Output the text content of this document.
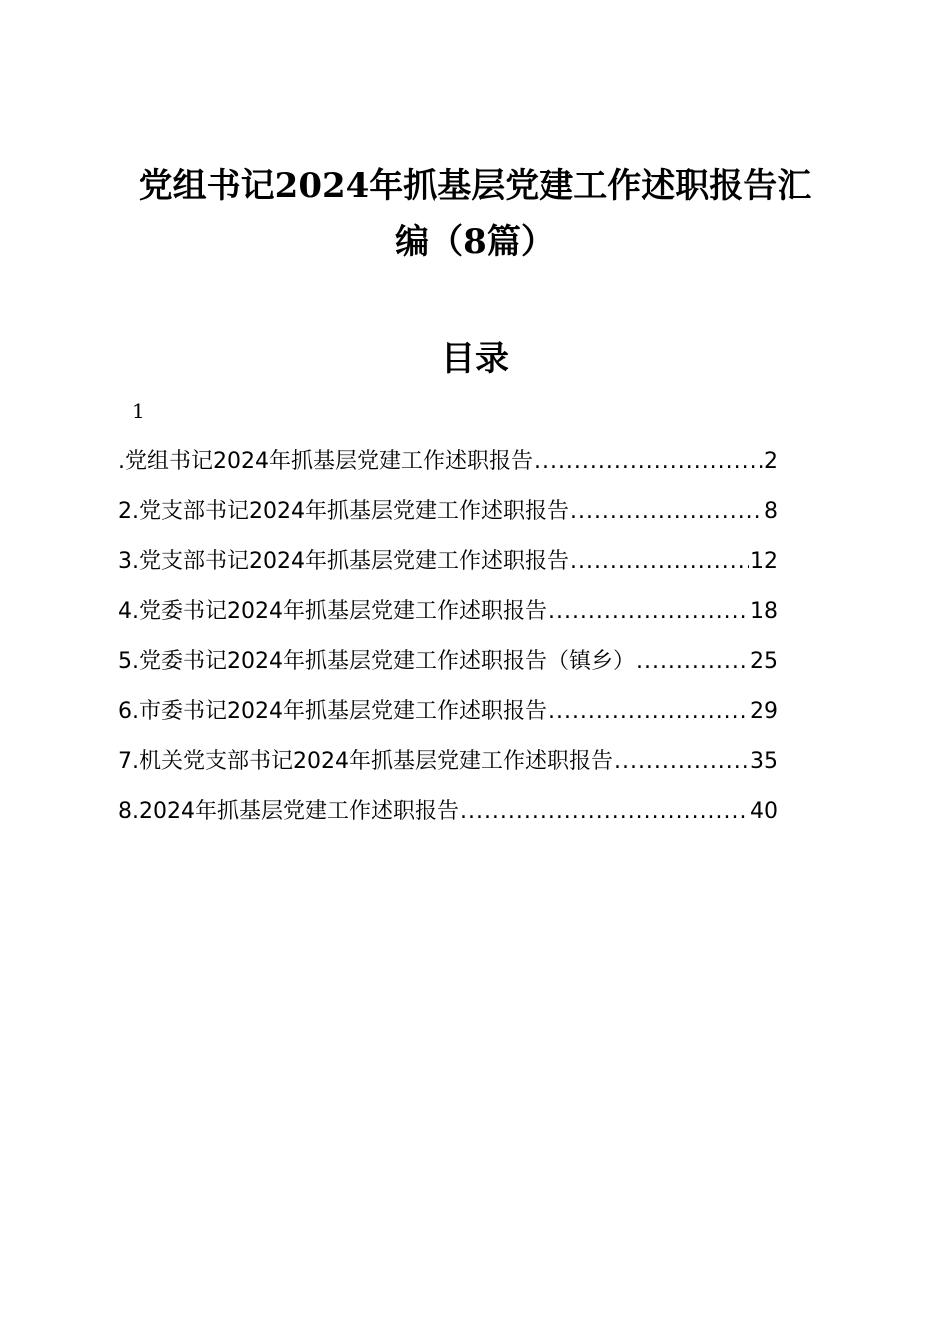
党组书记2024年抓基层党建工作述职报告汇
编（8篇）
目录
1
.党组书记2024年抓基层党建工作述职报告 . . .	2
2.党支部书记2024年抓基层党建工作述职报告 . . .	8
3.党支部书记2024年抓基层党建工作述职报告 . . .	12
4.党委书记2024年抓基层党建工作述职报告 . . .	18
5.党委书记2024年抓基层党建工作述职报告（镇乡） . . .	25
6.市委书记2024年抓基层党建工作述职报告 . . .	29
7.机关党支部书记2024年抓基层党建工作述职报告 . . .	35
8.2024年抓基层党建工作述职报告 . . .	40
